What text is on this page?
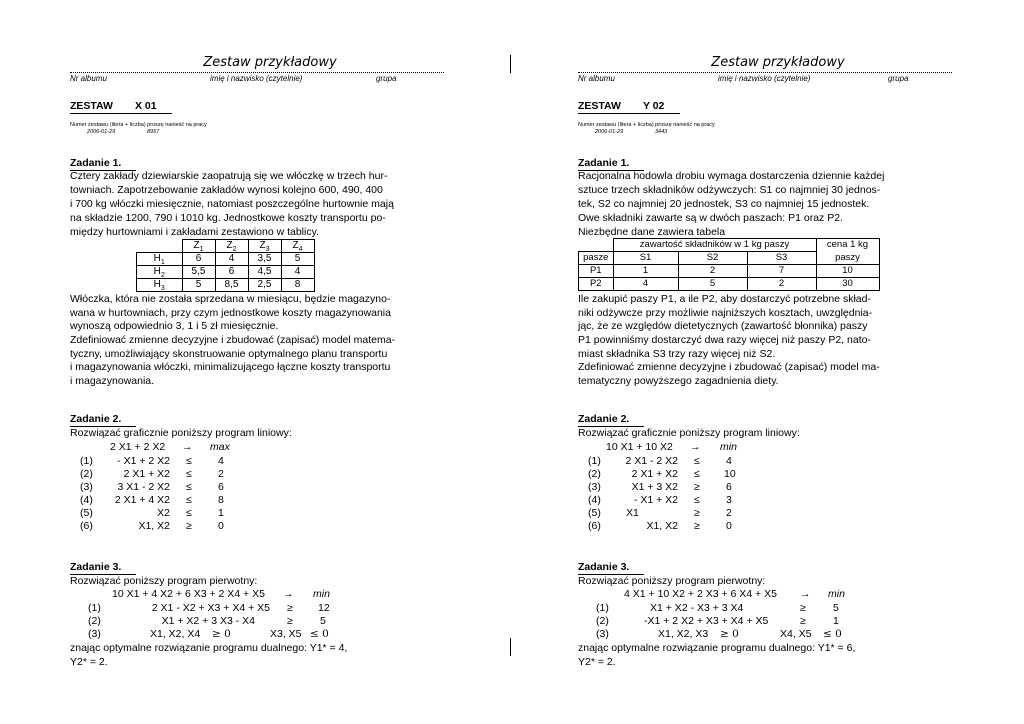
Zestaw przykładowy
Nr albumu	imię i nazwisko (czytelnie)	grupa
ZESTAW X 01
Numer zestawu (litera + liczba) proszę nanieść na pracy
2006-01-29	8957
Zadanie 1.
Cztery zakłady dziewiarskie zaopatrują się we włóczkę w trzech hur-
towniach. Zapotrzebowanie zakładów wynosi kolejno 600, 490, 400
i 700 kg włóczki miesięcznie, natomiast poszczególne hurtownie mają
na składzie 1200, 790 i 1010 kg. Jednostkowe koszty transportu po-
między hurtowniami i zakładami zestawiono w tablicy.
	$Z_1$	$Z_2$	$Z_3$	$Z_4$
$H_1$	6	4	3,5	5
$H_2$	5,5	6	4,5	4
$H_3$	5	8,5	2,5	8
Włóczka, która nie została sprzedana w miesiącu, będzie magazyno-
wana w hurtowniach, przy czym jednostkowe koszty magazynowania
wynoszą odpowiednio 3, 1 i 5 zł miesięcznie.
Zdefiniować zmienne decyzyjne i zbudować (zapisać) model matema-
tyczny, umożliwiający skonstruowanie optymalnego planu transportu
i magazynowania włóczki, minimalizującego łączne koszty transportu
i magazynowania.
Zadanie 2.
Rozwiązać graficznie poniższy program liniowy:
2 X1 + 2 X2 → max
(1)	- X1 + 2 X2 ≤ 4
(2)	2 X1 + X2 ≤ 2
(3)	3 X1 - 2 X2 ≤ 6
(4)	2 X1 + 4 X2 ≤ 8
(5)	X2 ≤ 1
(6)	X1, X2 ≥ 0
Zadanie 3.
Rozwiązać poniższy program pierwotny:
10 X1 + 4 X2 + 6 X3 + 2 X4 + X5 → min
(1)	2 X1 - X2 + X3 + X4 + X5 ≥ 12
(2)	X1 + X2 + 3 X3 - X4	≥	5
(3)	X1, X2, X4 ≥ 0	X3, X5 ≤ 0
znając optymalne rozwiązanie programu dualnego: Y1* = 4,
Y2* = 2.
Zestaw przykładowy
Nr albumu	imię i nazwisko (czytelnie)	grupa
ZESTAW Y 02
Numer zestawu (litera + liczba) proszę nanieść na pracy
2006-01-29	3443
Zadanie 1.
Racjonalna hodowla drobiu wymaga dostarczenia dziennie każdej
sztuce trzech składników odżywczych: S1 co najmniej 30 jednos-
tek, S2 co najmniej 20 jednostek, S3 co najmniej 15 jednostek.
Owe składniki zawarte są w dwóch paszach: P1 oraz P2.
Niezbędne dane zawiera tabela
	zawartość składników w 1 kg paszy			cena 1 kg
pasze	S1	S2	S3	paszy
P1	1	2	7	10
P2	4	5	2	30
Ile zakupić paszy P1, a ile P2, aby dostarczyć potrzebne skład-
niki odżywcze przy możliwie najniższych kosztach, uwzględnia-
jąc, że ze względów dietetycznych (zawartość błonnika) paszy
P1 powinniśmy dostarczyć dwa razy więcej niż paszy P2, nato-
miast składnika S3 trzy razy więcej niż S2.
Zdefiniować zmienne decyzyjne i zbudować (zapisać) model ma-
tematyczny powyższego zagadnienia diety.
Zadanie 2.
Rozwiązać graficznie poniższy program liniowy:
10 X1 + 10 X2 → min
(1)	2 X1 - 2 X2 ≤ 4
(2)	2 X1 + X2 ≤ 10
(3)	X1 + 3 X2 ≥ 6
(4)	- X1 + X2 ≤ 3
(5) X1	≥ 2
(6)	X1, X2 ≥ 0
Zadanie 3.
Rozwiązać poniższy program pierwotny:
4 X1 + 10 X2 + 2 X3 + 6 X4 + X5 → min
(1)	X1 + X2 - X3 + 3 X4	≥	5
(2)	-X1 + 2 X2 + X3 + X4 + X5	≥	1
(3)	X1, X2, X3 ≥ 0	X4, X5 ≤ 0
znając optymalne rozwiązanie programu dualnego: Y1* = 6,
Y2* = 2.
